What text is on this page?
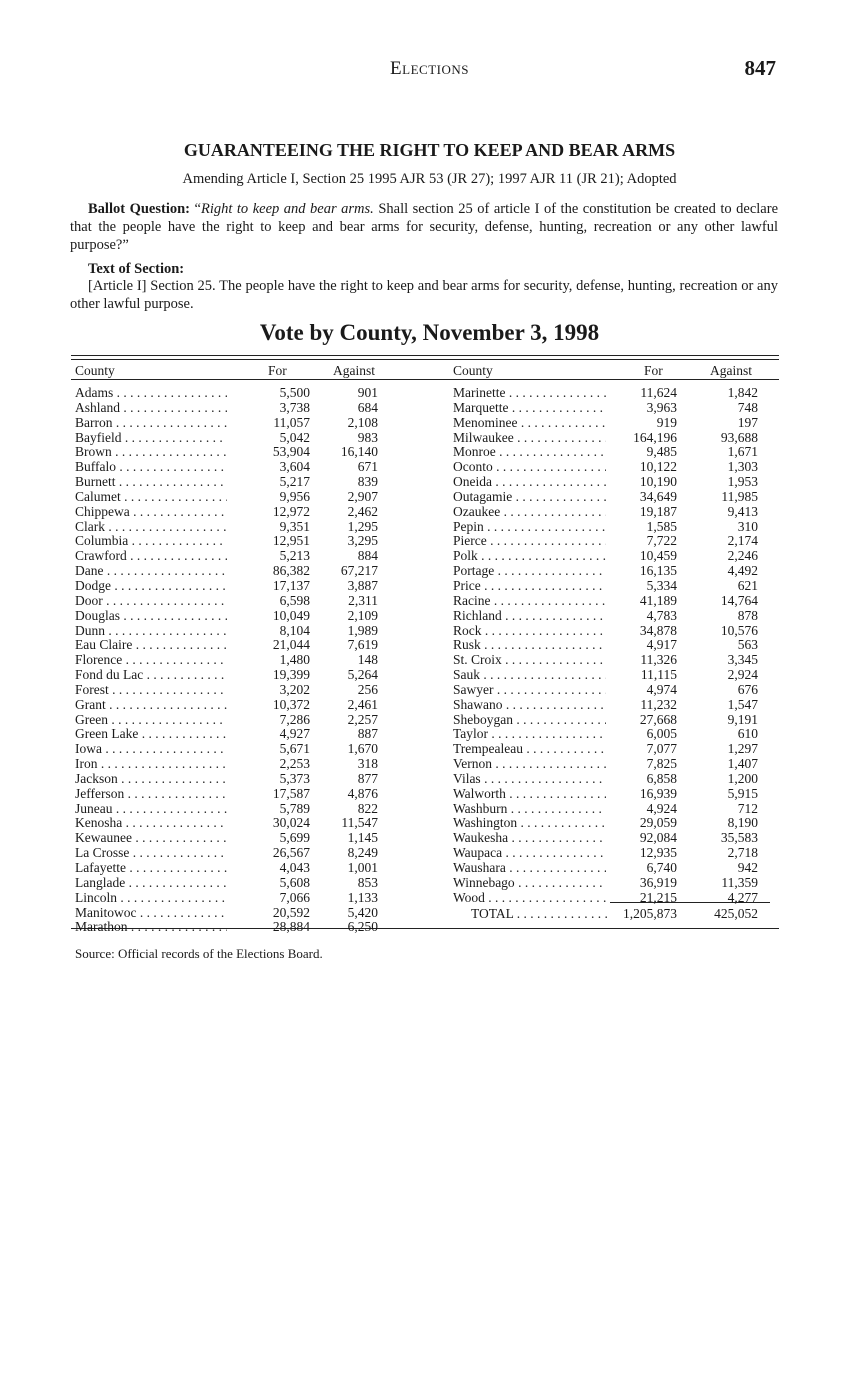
Elections	847
GUARANTEEING THE RIGHT TO KEEP AND BEAR ARMS
Amending Article I, Section 25 1995 AJR 53 (JR 27); 1997 AJR 11 (JR 21); Adopted
Ballot Question: “Right to keep and bear arms. Shall section 25 of article I of the constitution be created to declare that the people have the right to keep and bear arms for security, defense, hunting, recreation or any other lawful purpose?”
Text of Section:
[Article I] Section 25. The people have the right to keep and bear arms for security, defense, hunting, recreation or any other lawful purpose.
Vote by County, November 3, 1998
County	For	Against
Adams . . .	5,500	901
Ashland . . .	3,738	684
Barron . . .	11,057	2,108
Bayfield . . .	5,042	983
Brown . . .	53,904	16,140
Buffalo . . .	3,604	671
Burnett . . .	5,217	839
Calumet . . .	9,956	2,907
Chippewa . . .	12,972	2,462
Clark . . .	9,351	1,295
Columbia . . .	12,951	3,295
Crawford . . .	5,213	884
Dane . . .	86,382	67,217
Dodge . . .	17,137	3,887
Door . . .	6,598	2,311
Douglas . . .	10,049	2,109
Dunn . . .	8,104	1,989
Eau Claire . . .	21,044	7,619
Florence . . .	1,480	148
Fond du Lac . . .	19,399	5,264
Forest . . .	3,202	256
Grant . . .	10,372	2,461
Green . . .	7,286	2,257
Green Lake . . .	4,927	887
Iowa . . .	5,671	1,670
Iron . . .	2,253	318
Jackson . . .	5,373	877
Jefferson . . .	17,587	4,876
Juneau . . .	5,789	822
Kenosha . . .	30,024	11,547
Kewaunee . . .	5,699	1,145
La Crosse . . .	26,567	8,249
Lafayette . . .	4,043	1,001
Langlade . . .	5,608	853
Lincoln . . .	7,066	1,133
Manitowoc . . .	20,592	5,420
Marathon . . .	28,884	6,250
County	For	Against
Marinette . . .	11,624	1,842
Marquette . . .	3,963	748
Menominee . . .	919	197
Milwaukee . . .	164,196	93,688
Monroe . . .	9,485	1,671
Oconto . . .	10,122	1,303
Oneida . . .	10,190	1,953
Outagamie . . .	34,649	11,985
Ozaukee . . .	19,187	9,413
Pepin . . .	1,585	310
Pierce . . .	7,722	2,174
Polk . . .	10,459	2,246
Portage . . .	16,135	4,492
Price . . .	5,334	621
Racine . . .	41,189	14,764
Richland . . .	4,783	878
Rock . . .	34,878	10,576
Rusk . . .	4,917	563
St. Croix . . .	11,326	3,345
Sauk . . .	11,115	2,924
Sawyer . . .	4,974	676
Shawano . . .	11,232	1,547
Sheboygan . . .	27,668	9,191
Taylor . . .	6,005	610
Trempealeau . . .	7,077	1,297
Vernon . . .	7,825	1,407
Vilas . . .	6,858	1,200
Walworth . . .	16,939	5,915
Washburn . . .	4,924	712
Washington . . .	29,059	8,190
Waukesha . . .	92,084	35,583
Waupaca . . .	12,935	2,718
Waushara . . .	6,740	942
Winnebago . . .	36,919	11,359
Wood . . .	21,215	4,277
TOTAL . . .	1,205,873	425,052
Source: Official records of the Elections Board.
